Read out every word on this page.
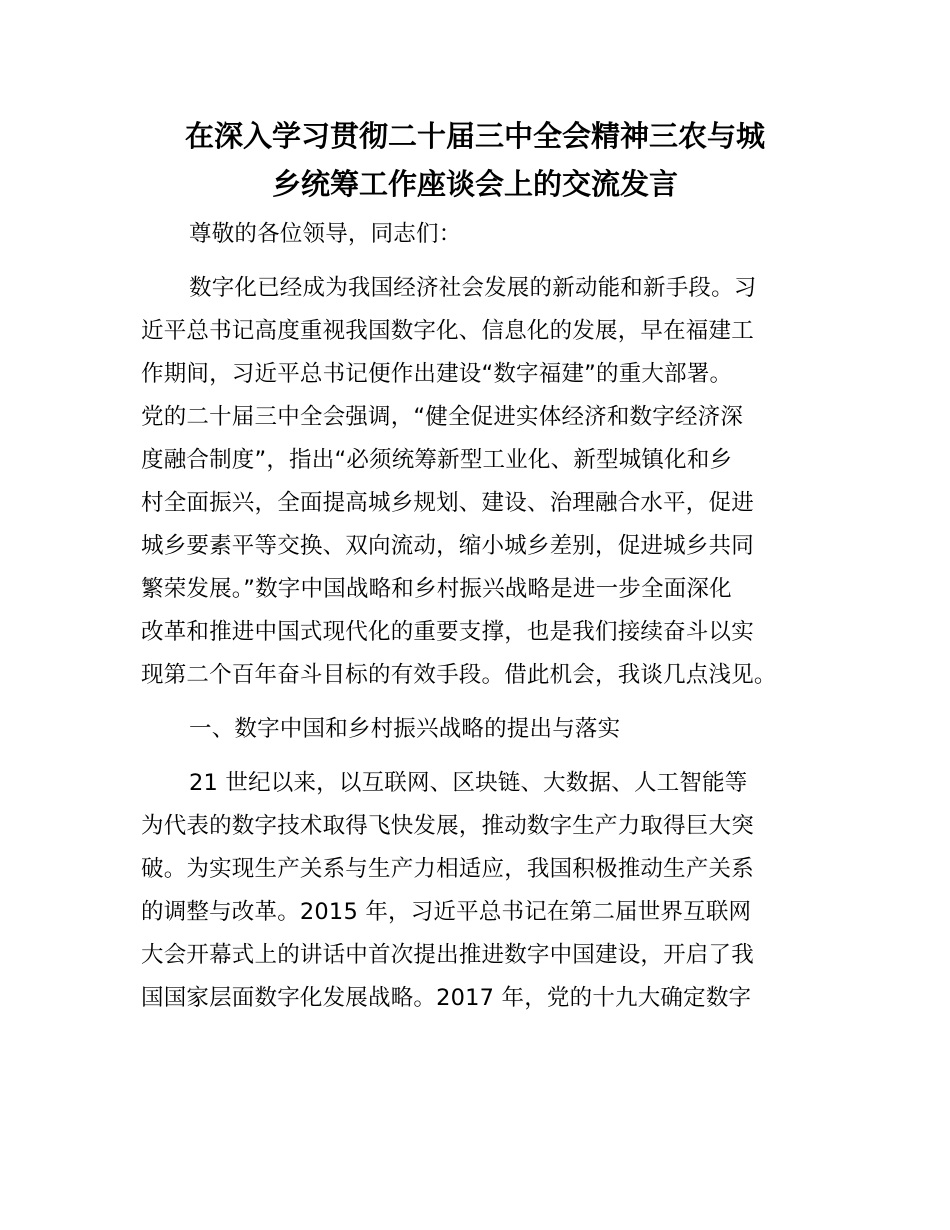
在深入学习贯彻二十届三中全会精神三农与城
乡统筹工作座谈会上的交流发言

尊敬的各位领导，同志们：

数字化已经成为我国经济社会发展的新动能和新手段。习
近平总书记高度重视我国数字化、信息化的发展，早在福建工
作期间，习近平总书记便作出建设“数字福建”的重大部署。
党的二十届三中全会强调，“健全促进实体经济和数字经济深
度融合制度”，指出“必须统筹新型工业化、新型城镇化和乡
村全面振兴，全面提高城乡规划、建设、治理融合水平，促进
城乡要素平等交换、双向流动，缩小城乡差别，促进城乡共同
繁荣发展。”数字中国战略和乡村振兴战略是进一步全面深化
改革和推进中国式现代化的重要支撑，也是我们接续奋斗以实
现第二个百年奋斗目标的有效手段。借此机会，我谈几点浅见。

一、数字中国和乡村振兴战略的提出与落实

21 世纪以来，以互联网、区块链、大数据、人工智能等
为代表的数字技术取得飞快发展，推动数字生产力取得巨大突
破。为实现生产关系与生产力相适应，我国积极推动生产关系
的调整与改革。2015 年，习近平总书记在第二届世界互联网
大会开幕式上的讲话中首次提出推进数字中国建设，开启了我
国国家层面数字化发展战略。2017 年，党的十九大确定数字
